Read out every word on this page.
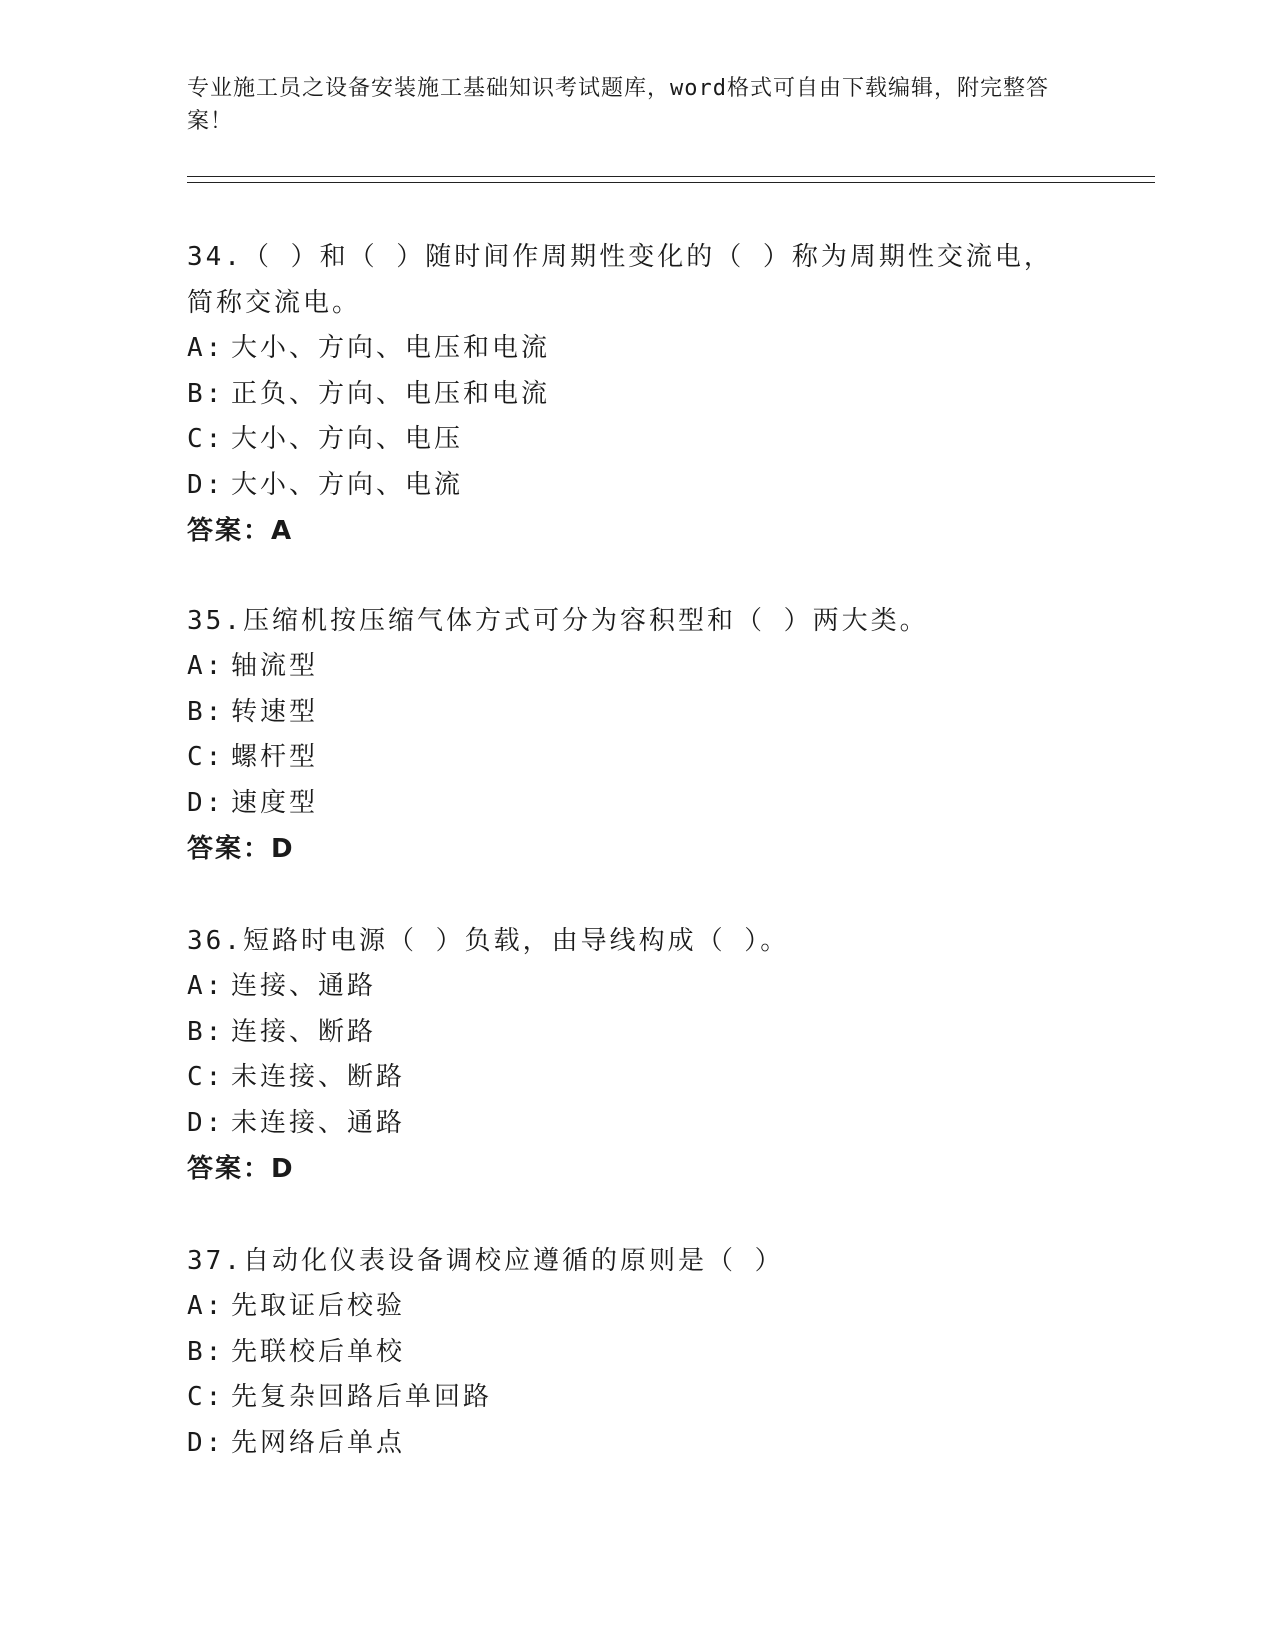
专业施工员之设备安装施工基础知识考试题库，word格式可自由下载编辑，附完整答案！

34.（ ）和（ ）随时间作周期性变化的（ ）称为周期性交流电，简称交流电。

A: 大小、方向、电压和电流

B: 正负、方向、电压和电流

C: 大小、方向、电压

D: 大小、方向、电流

答案：A

35.压缩机按压缩气体方式可分为容积型和（ ）两大类。

A: 轴流型

B: 转速型

C: 螺杆型

D: 速度型

答案：D

36.短路时电源（ ）负载，由导线构成（ ）。

A: 连接、通路

B: 连接、断路

C: 未连接、断路

D: 未连接、通路

答案：D

37.自动化仪表设备调校应遵循的原则是（ ）

A: 先取证后校验

B: 先联校后单校

C: 先复杂回路后单回路

D: 先网络后单点
